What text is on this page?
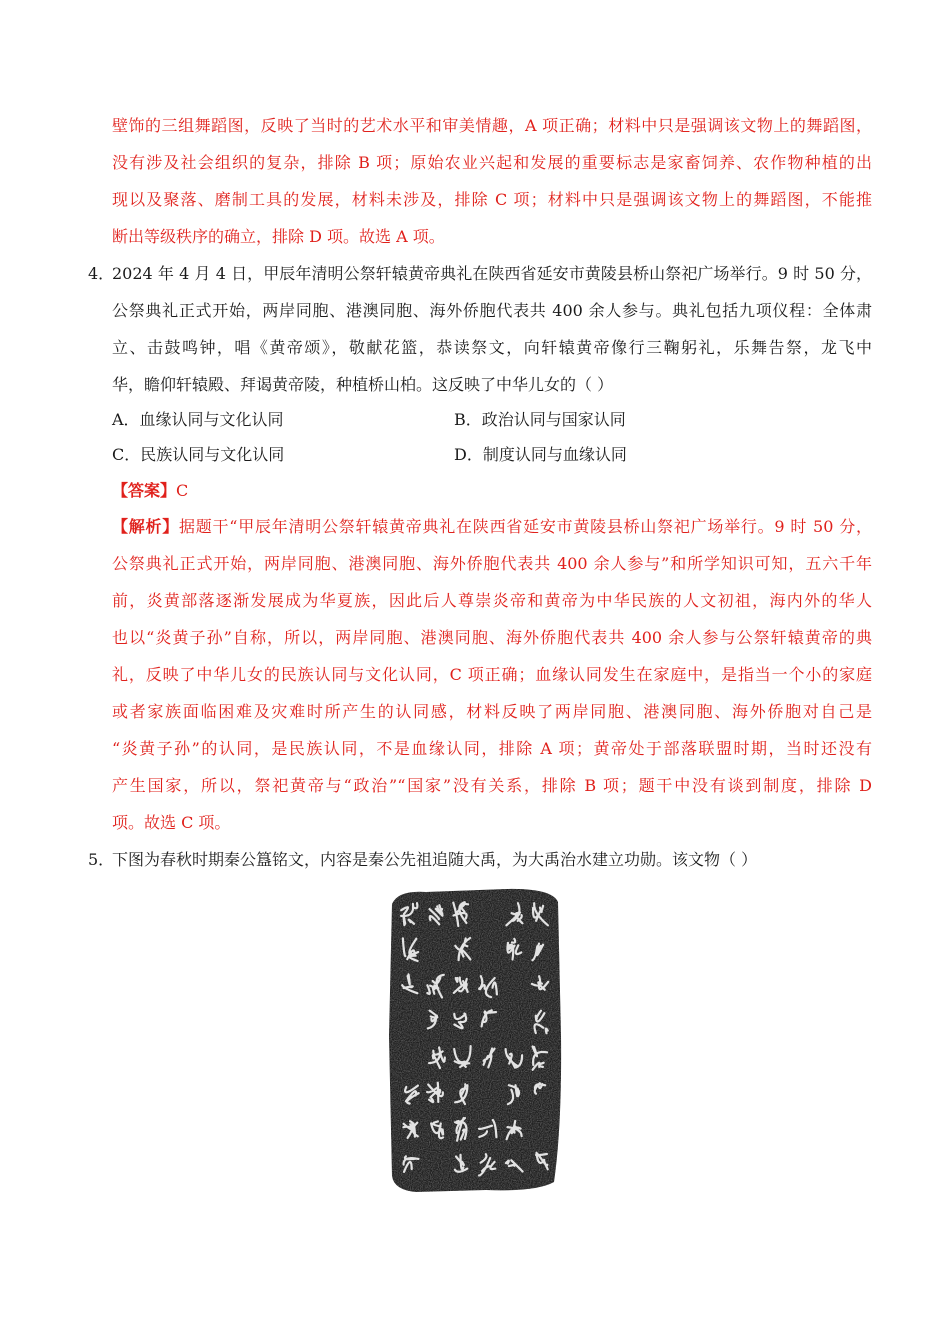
壁饰的三组舞蹈图，反映了当时的艺术水平和审美情趣，A 项正确；材料中只是强调该文物上的舞蹈图，
没有涉及社会组织的复杂，排除 B 项；原始农业兴起和发展的重要标志是家畜饲养、农作物种植的出
现以及聚落、磨制工具的发展，材料未涉及，排除 C 项；材料中只是强调该文物上的舞蹈图，不能推
断出等级秩序的确立，排除 D 项。故选 A 项。
4．
2024 年 4 月 4 日，甲辰年清明公祭轩辕黄帝典礼在陕西省延安市黄陵县桥山祭祀广场举行。9 时 50 分，
公祭典礼正式开始，两岸同胞、港澳同胞、海外侨胞代表共 400 余人参与。典礼包括九项仪程：全体肃
立、击鼓鸣钟，唱《黄帝颂》，敬献花篮，恭读祭文，向轩辕黄帝像行三鞠躬礼，乐舞告祭，龙飞中
华，瞻仰轩辕殿、拜谒黄帝陵，种植桥山柏。这反映了中华儿女的（ ）
A．血缘认同与文化认同	B．政治认同与国家认同
C．民族认同与文化认同	D．制度认同与血缘认同
【答案】C
【解析】据题干“甲辰年清明公祭轩辕黄帝典礼在陕西省延安市黄陵县桥山祭祀广场举行。9 时 50 分，
公祭典礼正式开始，两岸同胞、港澳同胞、海外侨胞代表共 400 余人参与”和所学知识可知，五六千年
前，炎黄部落逐渐发展成为华夏族，因此后人尊崇炎帝和黄帝为中华民族的人文初祖，海内外的华人
也以“炎黄子孙”自称，所以，两岸同胞、港澳同胞、海外侨胞代表共 400 余人参与公祭轩辕黄帝的典
礼，反映了中华儿女的民族认同与文化认同，C 项正确；血缘认同发生在家庭中，是指当一个小的家庭
或者家族面临困难及灾难时所产生的认同感，材料反映了两岸同胞、港澳同胞、海外侨胞对自己是
“炎黄子孙”的认同，是民族认同，不是血缘认同，排除 A 项；黄帝处于部落联盟时期，当时还没有
产生国家，所以，祭祀黄帝与“政治”“国家”没有关系，排除 B 项；题干中没有谈到制度，排除 D
项。故选 C 项。
5．
下图为春秋时期秦公簋铭文，内容是秦公先祖追随大禹，为大禹治水建立功勋。该文物（ ）
